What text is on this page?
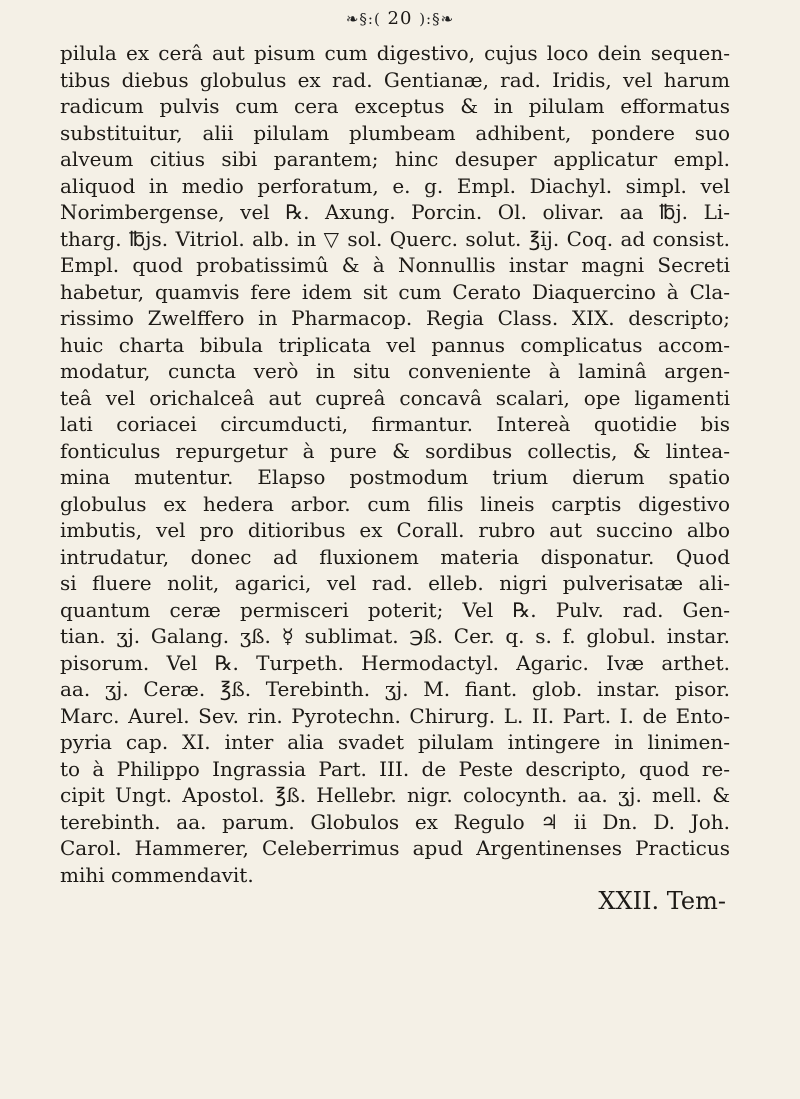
❧§:( 20 ):§❧
pilula ex cerâ aut pisum cum digestivo, cujus loco dein sequen-
tibus diebus globulus ex rad. Gentianæ, rad. Iridis, vel harum
radicum pulvis cum cera exceptus & in pilulam efformatus
substituitur, alii pilulam plumbeam adhibent, pondere suo
alveum citius sibi parantem; hinc desuper applicatur empl.
aliquod in medio perforatum, e. g. Empl. Diachyl. simpl. vel
Norimbergense, vel ℞. Axung. Porcin. Ol. olivar. aa ℔j. Li-
tharg. ℔js. Vitriol. alb. in ▽ sol. Querc. solut. ℥ij. Coq. ad consist.
Empl. quod probatissimû & à Nonnullis instar magni Secreti
habetur, quamvis fere idem sit cum Cerato Diaquercino à Cla-
rissimo Zwelffero in Pharmacop. Regia Class. XIX. descripto;
huic charta bibula triplicata vel pannus complicatus accom-
modatur, cuncta verò in situ conveniente à laminâ argen-
teâ vel orichalceâ aut cupreâ concavâ scalari, ope ligamenti
lati coriacei circumducti, firmantur. Intereà quotidie bis
fonticulus repurgetur à pure & sordibus collectis, & lintea-
mina mutentur. Elapso postmodum trium dierum spatio
globulus ex hedera arbor. cum filis lineis carptis digestivo
imbutis, vel pro ditioribus ex Corall. rubro aut succino albo
intrudatur, donec ad fluxionem materia disponatur. Quod
si fluere nolit, agarici, vel rad. elleb. nigri pulverisatæ ali-
quantum ceræ permisceri poterit; Vel ℞. Pulv. rad. Gen-
tian. ʒj. Galang. ʒß. ☿ sublimat. ℈ß. Cer. q. s. f. globul. instar.
pisorum. Vel ℞. Turpeth. Hermodactyl. Agaric. Ivæ arthet.
aa. ʒj. Ceræ. ℥ß. Terebinth. ʒj. M. fiant. glob. instar. pisor.
Marc. Aurel. Sev. rin. Pyrotechn. Chirurg. L. II. Part. I. de Ento-
pyria cap. XI. inter alia svadet pilulam intingere in linimen-
to à Philippo Ingrassia Part. III. de Peste descripto, quod re-
cipit Ungt. Apostol. ℥ß. Hellebr. nigr. colocynth. aa. ʒj. mell. &
terebinth. aa. parum. Globulos ex Regulo ♃ ii Dn. D. Joh.
Carol. Hammerer, Celeberrimus apud Argentinenses Practicus
mihi commendavit.
XXII. Tem-
